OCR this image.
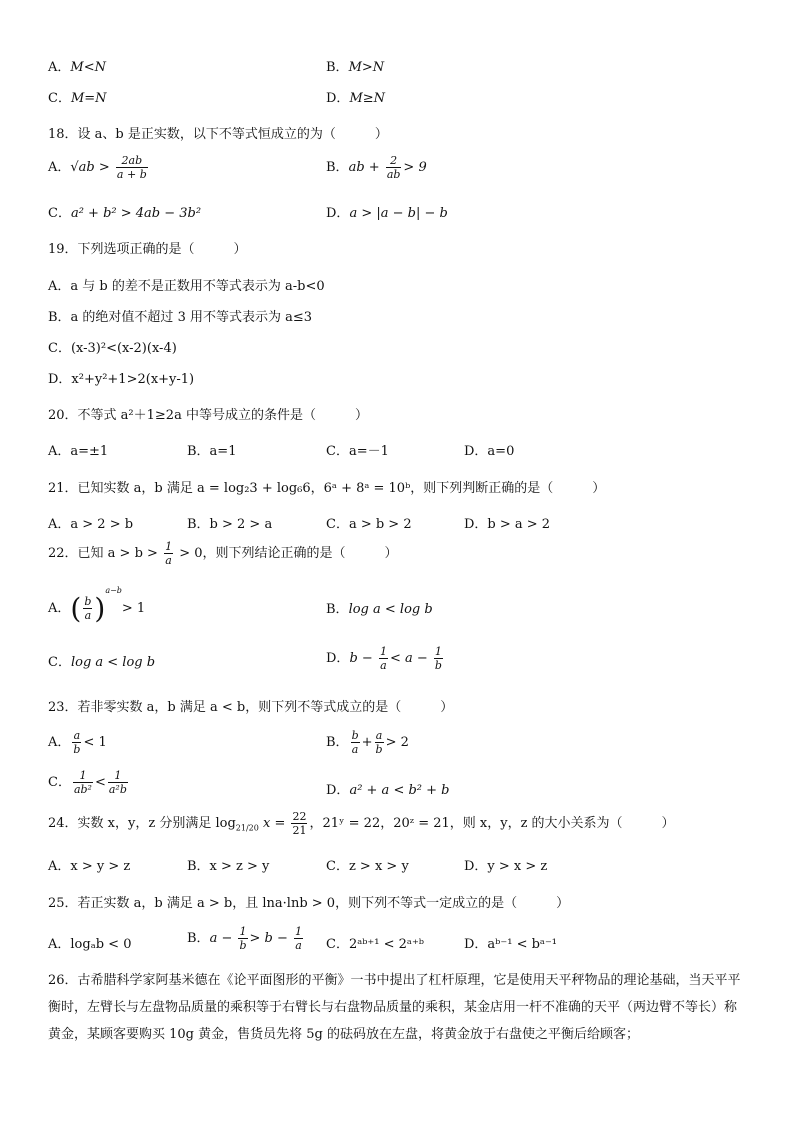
A．M<N	B．M>N
C．M=N	D．M≥N
18．设 a、b 是正实数，以下不等式恒成立的为（　　　）
A．$√ab > \frac{2ab}{a + b}$	B．ab + $\frac{2}{ab} > 9$
C．a² + b² > 4ab − 3b²	D．a > |a − b| − b
19．下列选项正确的是（　　　）
A．a 与 b 的差不是正数用不等式表示为 a-b<0
B．a 的绝对值不超过 3 用不等式表示为 a≤3
C．(x-3)²<(x-2)(x-4)
D．x²+y²+1>2(x+y-1)
20．不等式 a²＋1≥2a 中等号成立的条件是（　　　）
A．a=±1	B．a=1	C．a=－1	D．a=0
21．已知实数 a，b 满足 a = log₂3 + log₆6，6ᵃ + 8ᵃ = 10ᵇ，则下列判断正确的是（　　　）
A．a > 2 > b	B．b > 2 > a	C．a > b > 2	D．b > a > 2
22．已知 $a > b > \frac{1}{a} > 0$，则下列结论正确的是（　　　）
A．( $\frac{b}{a} )^{a-b}> 1$	B．log a < log b
C．log a < log b	D．$b - \frac{1}{a} < a - \frac{1}{b}$
23．若非零实数 a，b 满足 a < b，则下列不等式成立的是（　　　）
A． $\frac{a}{b} < 1$	B． $\frac{b}{a} + \frac{a}{b} > 2$
C． $\frac{1}{\text{ab²}} < \frac{1}{\text{a²b}}$	D．a² + a < b² + b
24．实数 x，y，z 分别满足 $\log_{21/20} x = \frac{22}{21}$ ，21ʸ = 22，20ᶻ = 21，则 x，y，z 的大小关系为（　　　）
A．x > y > z	B．x > z > y	C．z > x > y	D．y > x > z
25．若正实数 a，b 满足 a > b，且 lna·lnb > 0，则下列不等式一定成立的是（　　　）
A．logₐb < 0	B．$a - \frac{1}{b} > b - \frac{1}{a}$ C．2ᵃᵇ⁺¹ < 2ᵃ⁺ᵇ	D．aᵇ⁻¹ < bᵃ⁻¹
26．古希腊科学家阿基米德在《论平面图形的平衡》一书中提出了杠杆原理，它是使用天平秤物品的理论基础，当天平平衡时，左臂长与左盘物品质量的乘积等于右臂长与右盘物品质量的乘积，某金店用一杆不准确的天平（两边臂不等长）称黄金，某顾客要购买 10g 黄金，售货员先将 5g 的砝码放在左盘，将黄金放于右盘使之平衡后给顾客；
